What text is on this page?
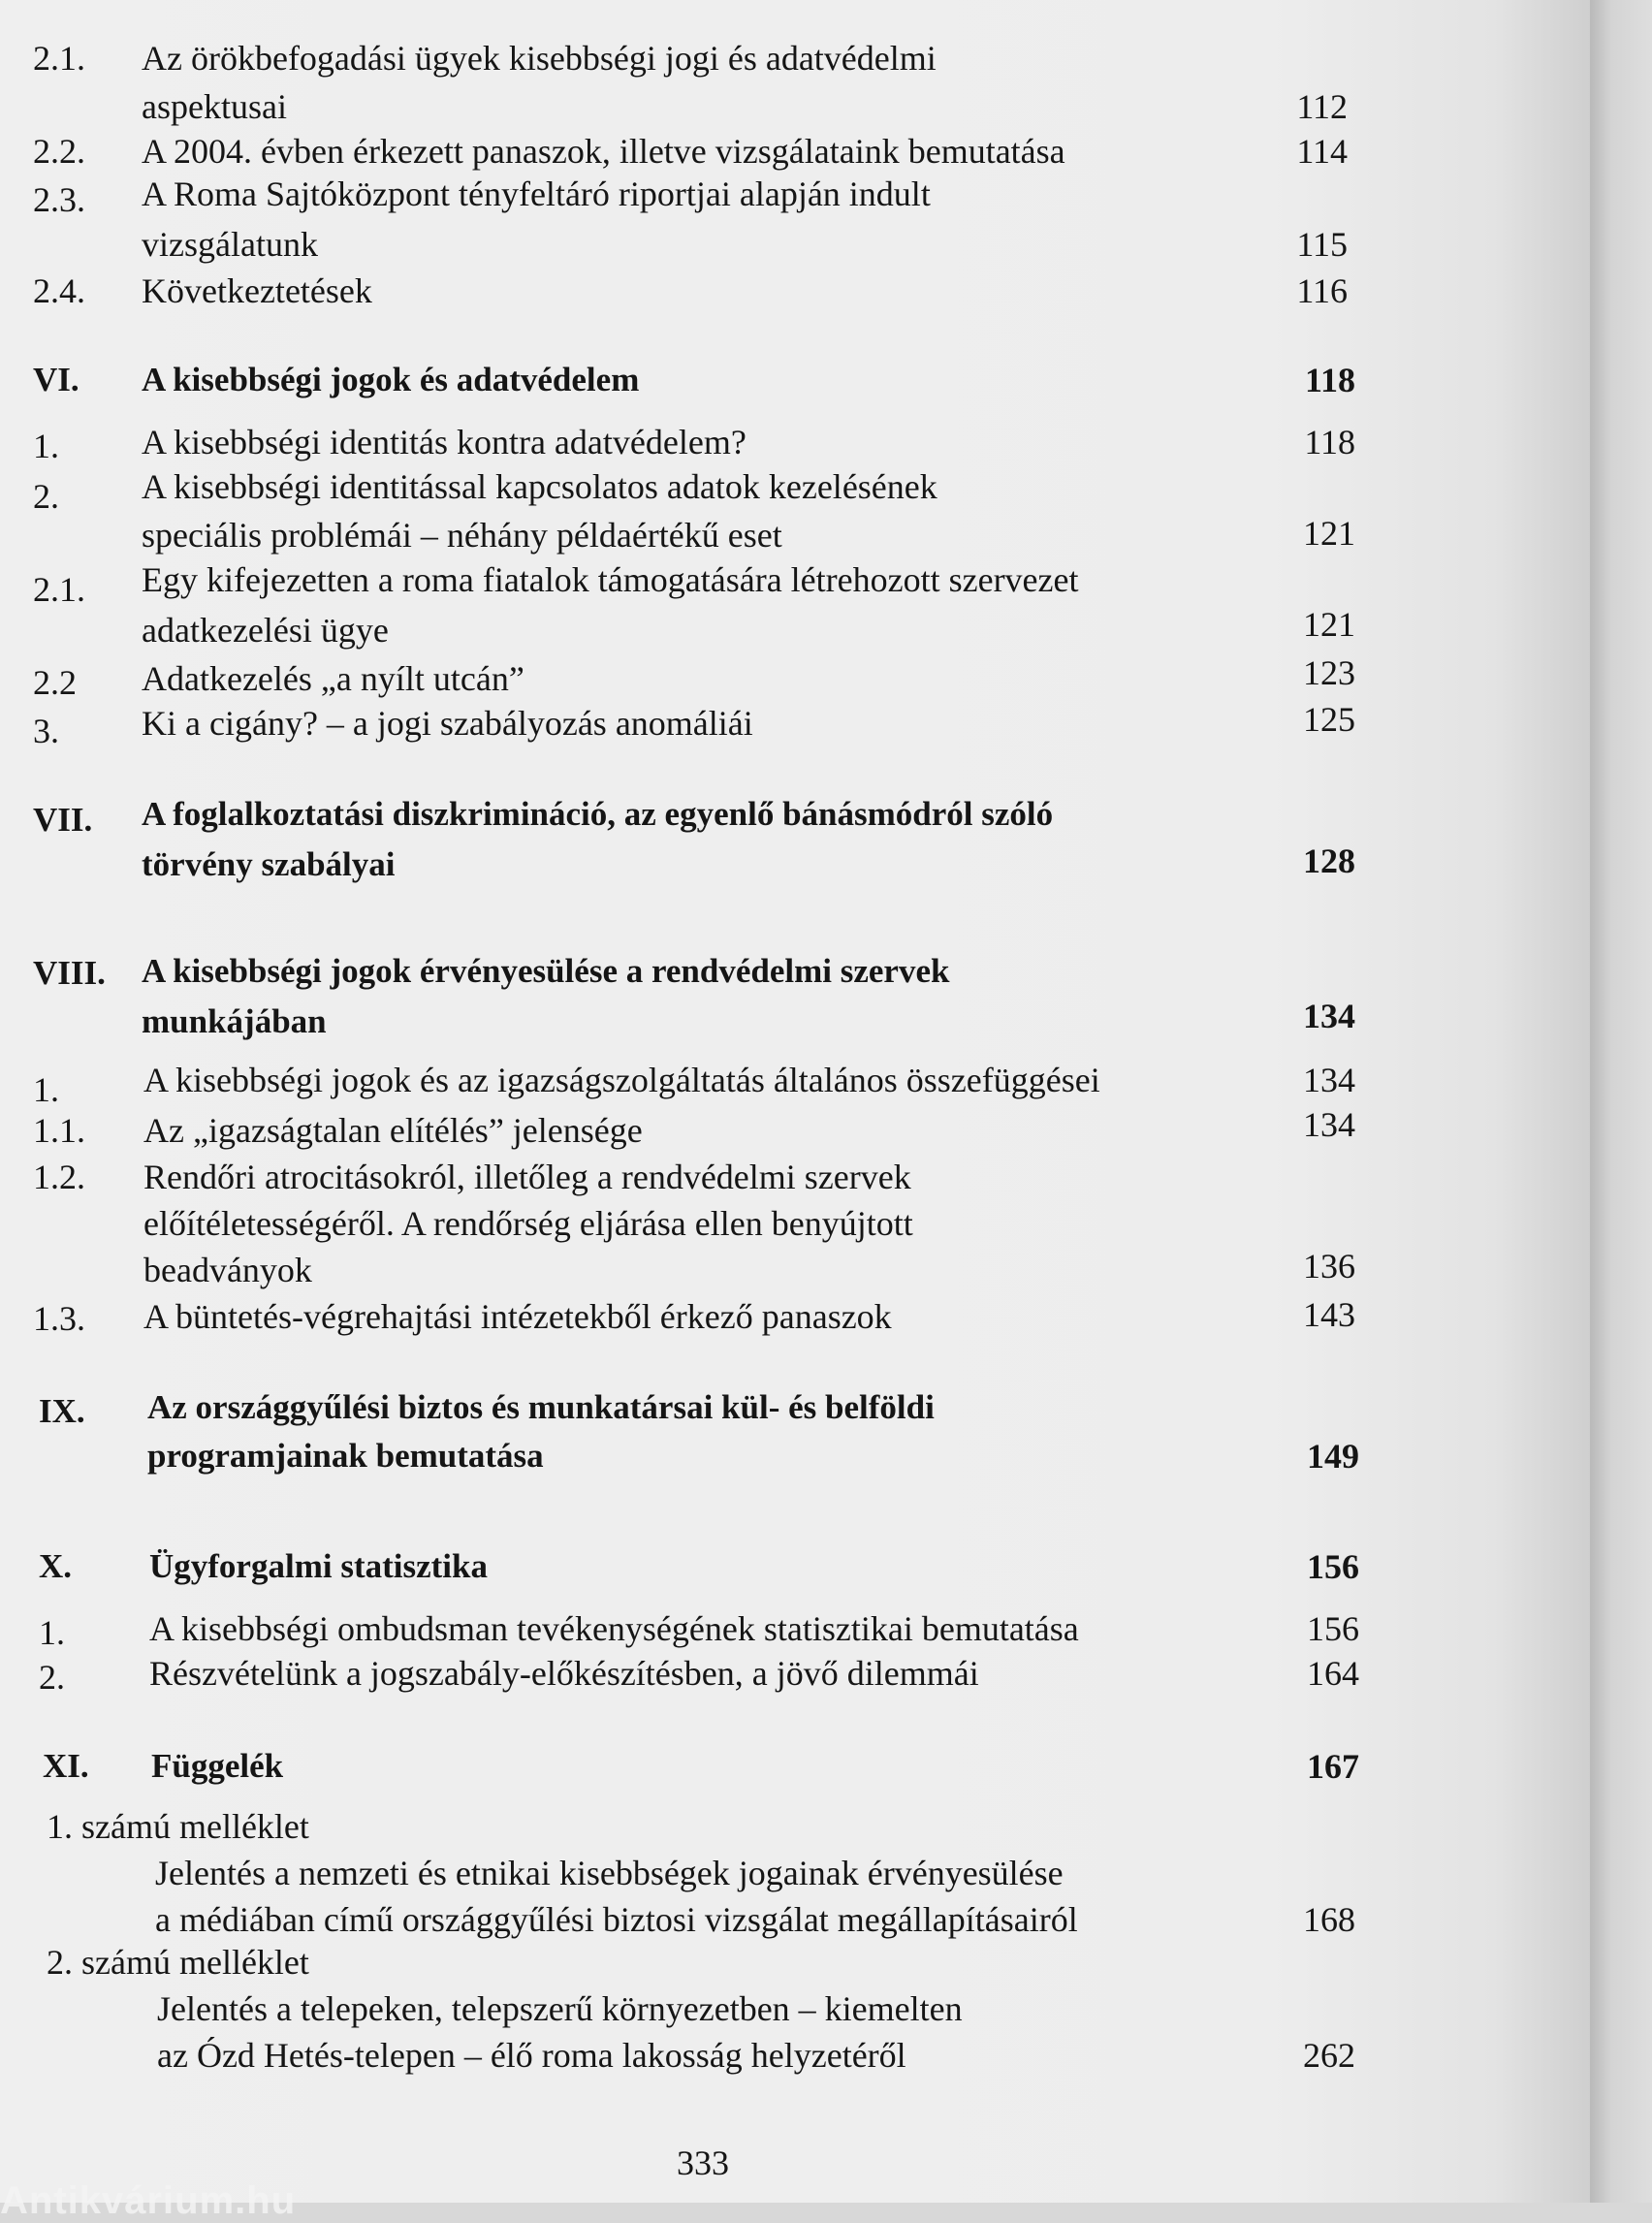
2.1. Az örökbefogadási ügyek kisebbségi jogi és adatvédelmi
aspektusai	112
2.2. A 2004. évben érkezett panaszok, illetve vizsgálataink bemutatása	114
2.3. A Roma Sajtóközpont tényfeltáró riportjai alapján indult
vizsgálatunk	115
2.4. Következtetések	116
VI. A kisebbségi jogok és adatvédelem	118
1. A kisebbségi identitás kontra adatvédelem?	118
2. A kisebbségi identitással kapcsolatos adatok kezelésének
speciális problémái – néhány példaértékű eset	121
2.1. Egy kifejezetten a roma fiatalok támogatására létrehozott szervezet
adatkezelési ügye	121
2.2 Adatkezelés „a nyílt utcán”	123
3. Ki a cigány? – a jogi szabályozás anomáliái	125
VII. A foglalkoztatási diszkrimináció, az egyenlő bánásmódról szóló
törvény szabályai	128
VIII. A kisebbségi jogok érvényesülése a rendvédelmi szervek
munkájában	134
1. A kisebbségi jogok és az igazságszolgáltatás általános összefüggései	134
1.1. Az „igazságtalan elítélés” jelensége	134
1.2. Rendőri atrocitásokról, illetőleg a rendvédelmi szervek
előítéletességéről. A rendőrség eljárása ellen benyújtott
beadványok	136
1.3. A büntetés-végrehajtási intézetekből érkező panaszok	143
IX. Az országgyűlési biztos és munkatársai kül- és belföldi
programjainak bemutatása	149
X. Ügyforgalmi statisztika	156
1. A kisebbségi ombudsman tevékenységének statisztikai bemutatása	156
2. Részvételünk a jogszabály-előkészítésben, a jövő dilemmái	164
XI. Függelék	167
1. számú melléklet
Jelentés a nemzeti és etnikai kisebbségek jogainak érvényesülése
a médiában című országgyűlési biztosi vizsgálat megállapításairól	168
2. számú melléklet
Jelentés a telepeken, telepszerű környezetben – kiemelten
az Ózd Hetés-telepen – élő roma lakosság helyzetéről	262
333
Antikvárium.hu
